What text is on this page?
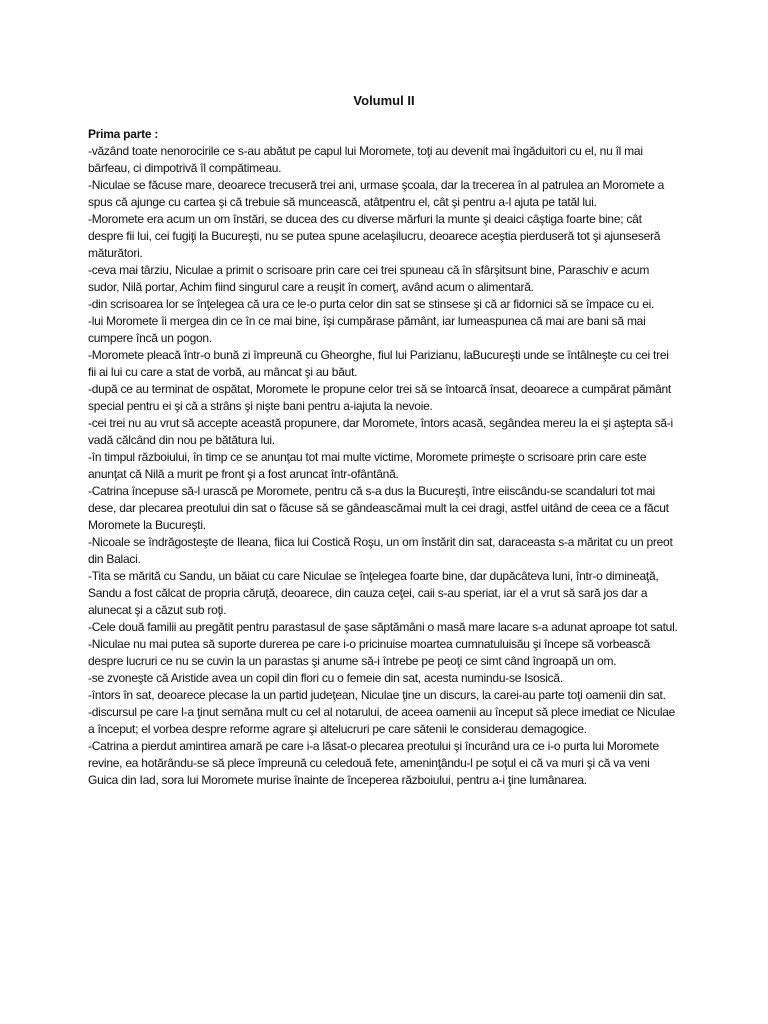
Volumul II

Prima parte :

-văzând toate nenorocirile ce s-au abătut pe capul lui Moromete, toţi au devenit mai îngăduitori cu el, nu îl mai bârfeau, ci dimpotrivă îl compătimeau.

-Niculae se făcuse mare, deoarece trecuseră trei ani, urmase şcoala, dar la trecerea în al patrulea an Moromete a spus că ajunge cu cartea şi că trebuie să muncească, atâtpentru el, cât şi pentru a-l ajuta pe tatăl lui.

-Moromete era acum un om înstări, se ducea des cu diverse mărfuri la munte şi deaici câştiga foarte bine; cât despre fii lui, cei fugiţi la Bucureşti, nu se putea spune acelaşilucru, deoarece aceştia pierduseră tot şi ajunseseră măturători.

-ceva mai târziu, Niculae a primit o scrisoare prin care cei trei spuneau că în sfârşitsunt bine, Paraschiv e acum sudor, Nilă portar, Achim fiind singurul care a reuşit în comerţ, având acum o alimentară.

-din scrisoarea lor se înţelegea că ura ce le-o purta celor din sat se stinsese şi că ar fidornici să se împace cu ei.

-lui Moromete îi mergea din ce în ce mai bine, îşi cumpărase pământ, iar lumeaspunea că mai are bani să mai cumpere încă un pogon.

-Moromete pleacă într-o bună zi împreună cu Gheorghe, fiul lui Parizianu, laBucureşti unde se întâlneşte cu cei trei fii ai lui cu care a stat de vorbă, au mâncat şi au băut.

-după ce au terminat de ospătat, Moromete le propune celor trei să se întoarcă însat, deoarece a cumpărat pământ special pentru ei şi că a strâns şi nişte bani pentru a-iajuta la nevoie.

-cei trei nu au vrut să accepte această propunere, dar Moromete, întors acasă, segândea mereu la ei şi aştepta să-i vadă călcând din nou pe bătătura lui.

-în timpul războiului, în timp ce se anunţau tot mai multe victime, Moromete primeşte o scrisoare prin care este anunţat că Nilă a murit pe front şi a fost aruncat într-ofântână.

-Catrina începuse să-l urască pe Moromete, pentru că s-a dus la Bucureşti, între eiiscându-se scandaluri tot mai dese, dar plecarea preotului din sat o făcuse să se gândeascămai mult la cei dragi, astfel uitând de ceea ce a făcut Moromete la Bucureşti.

-Nicoale se îndrăgosteşte de Ileana, fiica lui Costică Roşu, un om înstărit din sat, daraceasta s-a măritat cu un preot din Balaci.

-Tita se mărită cu Sandu, un băiat cu care Niculae se înţelegea foarte bine, dar dupăcâteva luni, într-o dimineaţă, Sandu a fost călcat de propria căruţă, deoarece, din cauza ceţei, caii s-au speriat, iar el a vrut să sară jos dar a alunecat şi a căzut sub roţi.

-Cele două familii au pregătit pentru parastasul de şase săptămâni o masă mare lacare s-a adunat aproape tot satul.

-Niculae nu mai putea să suporte durerea pe care i-o pricinuise moartea cumnatuluisău şi începe să vorbească despre lucruri ce nu se cuvin la un parastas şi anume să-i întrebe pe peoţi ce simt când îngroapă un om.

-se zvoneşte că Aristide avea un copil din flori cu o femeie din sat, acesta numindu-se Isosică.

-întors în sat, deoarece plecase la un partid judeţean, Niculae ţine un discurs, la carei-au parte toţi oamenii din sat.

-discursul pe care l-a ţinut semăna mult cu cel al notarului, de aceea oamenii au început să plece imediat ce Niculae a început; el vorbea despre reforme agrare şi altelucruri pe care sătenii le considerau demagogice.

-Catrina a pierdut amintirea amară pe care i-a lăsat-o plecarea preotului şi încurând ura ce i-o purta lui Moromete revine, ea hotărându-se să plece împreună cu celedouă fete, ameninţându-l pe soţul ei că va muri şi că va veni Guica din Iad, sora lui Moromete murise înainte de începerea războiului, pentru a-i ţine lumânarea.
